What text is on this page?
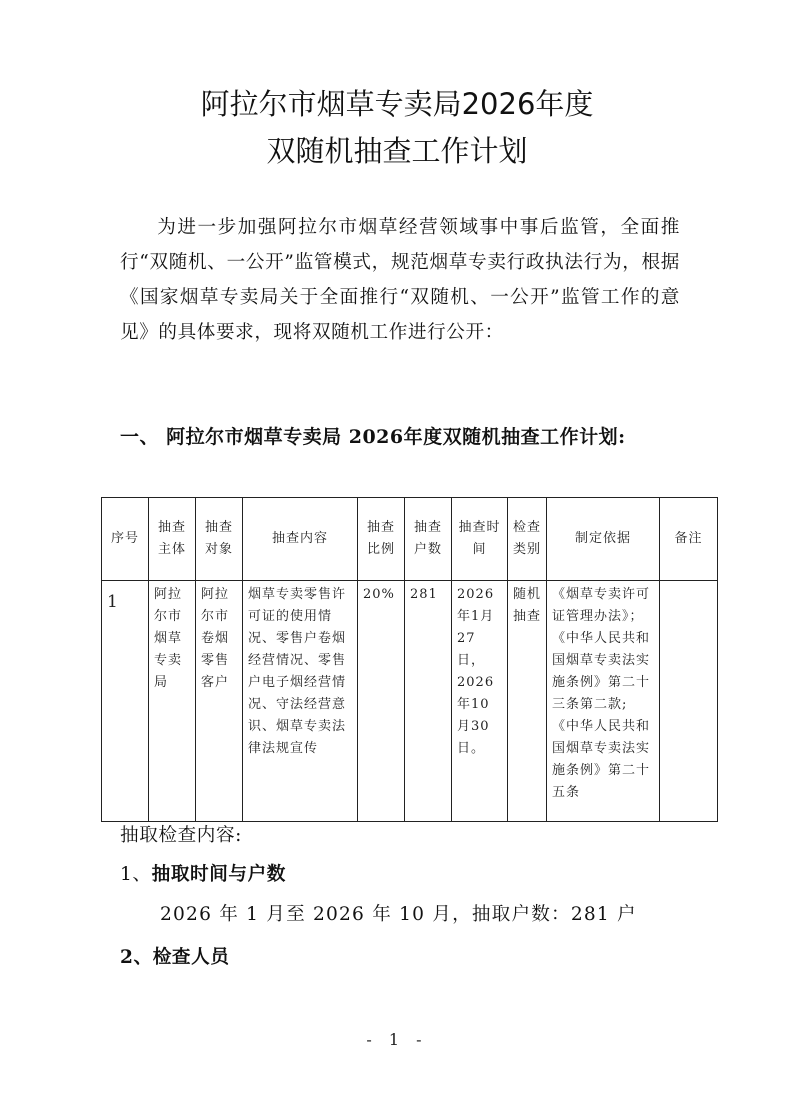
阿拉尔市烟草专卖局2026年度
双随机抽查工作计划
为进一步加强阿拉尔市烟草经营领域事中事后监管，全面推行“双随机、一公开”监管模式，规范烟草专卖行政执法行为，根据《国家烟草专卖局关于全面推行“双随机、一公开”监管工作的意见》的具体要求，现将双随机工作进行公开：
一、 阿拉尔市烟草专卖局 2026年度双随机抽查工作计划:
序号	抽查主体	抽查对象	抽查内容	抽查比例	抽查户数	抽查时间	检查类别	制定依据	备注
1	阿拉尔市烟草专卖局	阿拉尔市卷烟零售客户	烟草专卖零售许可证的使用情况、零售户卷烟经营情况、零售户电子烟经营情况、守法经营意识、烟草专卖法律法规宣传	20%	281	2026年1月27日，2026年10月30日。	随机抽查	《烟草专卖许可证管理办法》；《中华人民共和国烟草专卖法实施条例》第二十三条第二款;《中华人民共和国烟草专卖法实施条例》第二十五条	
抽取检查内容:
1、抽取时间与户数
2026 年 1 月至 2026 年 10 月，抽取户数：281 户
2、检查人员
- 1 -
